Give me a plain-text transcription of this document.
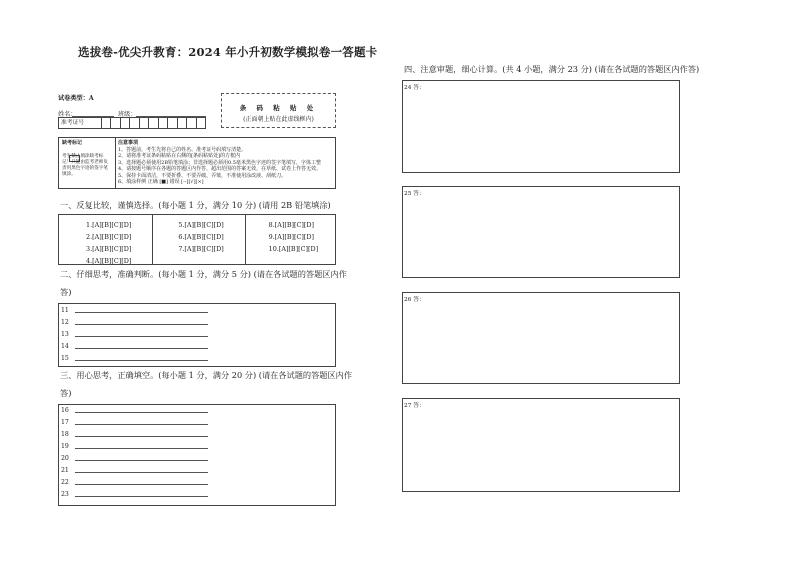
选拔卷-优尖升教育：2024 年小升初数学模拟卷一答题卡
试卷类型：A
姓名：	班级：
准考证号
条 码 粘 贴 处
(正面朝上贴在此虚线框内)
缺考标记
考生禁止填涂缺考标记！只能由监考老师负责用黑色字迹的签字笔填涂。
注意事项
1、答题前，考生先将自己的姓名、准考证号码填写清楚。
2、请将准考证条码粘贴在右侧的[条码粘贴处]的方框内
3、选择题必须使用2B铅笔填涂；非选择题必须用0.5毫米黑色字迹的签字笔填写，字体工整
4、请按题号顺序在各题的答题区内作答，超出范围的答案无效，在草纸、试卷上作答无效。
5、保持卡面清洁，不要折叠、不要弄破、弄皱，不准使用涂改液、刮纸刀。
6、填涂样例 正确 [■] 错误 [--][√][×]
一、反复比较，谨慎选择。(每小题 1 分，满分 10 分) (请用 2B 铅笔填涂)
1.[A][B][C][D]
2.[A][B][C][D]
3.[A][B][C][D]
4.[A][B][C][D]
5.[A][B][C][D]
6.[A][B][C][D]
7.[A][B][C][D]
8.[A][B][C][D]
9.[A][B][C][D]
10.[A][B][C][D]
二、仔细思考，准确判断。(每小题 1 分，满分 5 分) (请在各试题的答题区内作
答)
11
12
13
14
15
三、用心思考，正确填空。(每小题 1 分，满分 20 分) (请在各试题的答题区内作
答)
16
17
18
19
20
21
22
23
四、注意审题，细心计算。(共 4 小题，满分 23 分) (请在各试题的答题区内作答)
24 答：
25 答：
26 答：
27 答：
